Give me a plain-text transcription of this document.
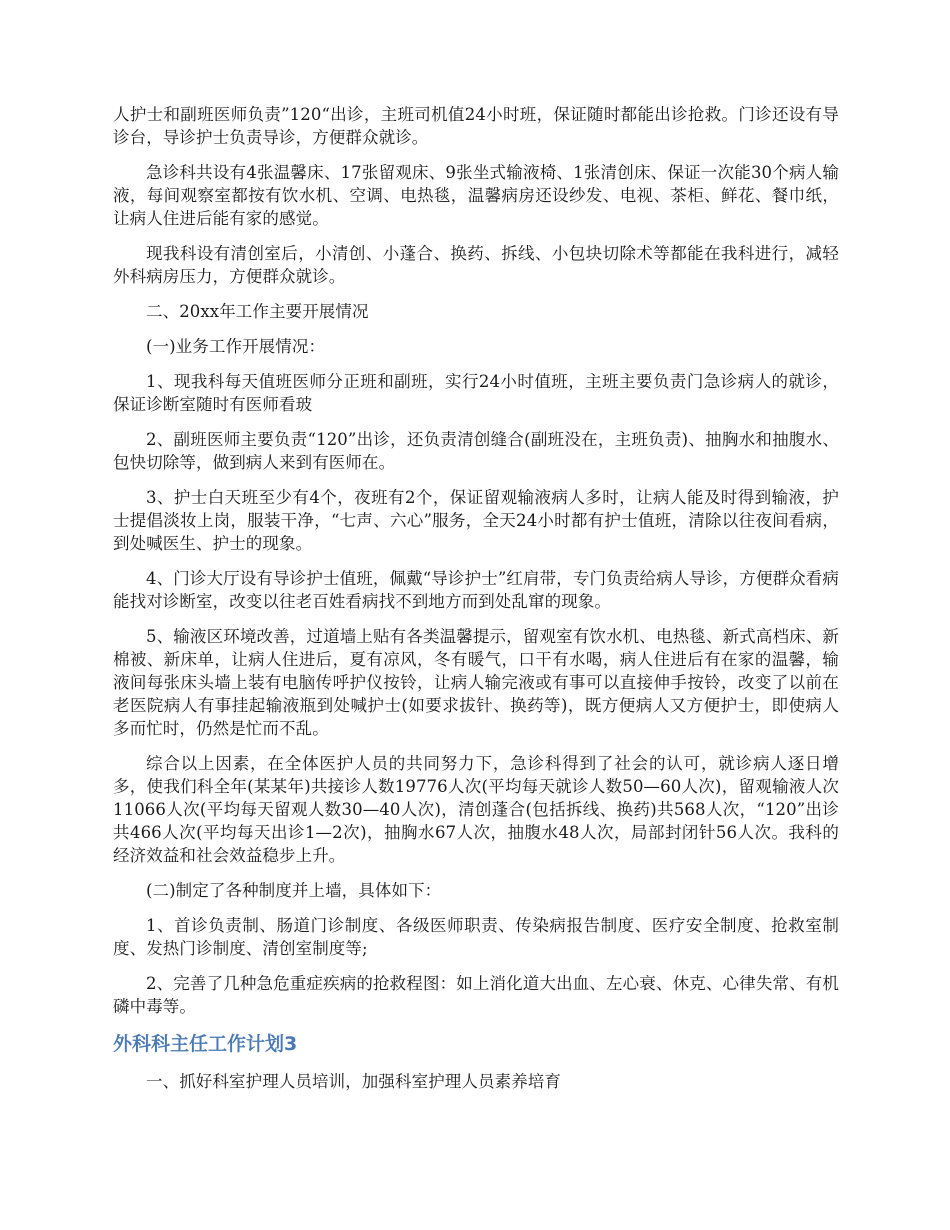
人护士和副班医师负责”120“出诊，主班司机值24小时班，保证随时都能出诊抢救。门诊还设有导诊台，导诊护士负责导诊，方便群众就诊。

急诊科共设有4张温馨床、17张留观床、9张坐式输液椅、1张清创床、保证一次能30个病人输液，每间观察室都按有饮水机、空调、电热毯，温馨病房还设纱发、电视、茶柜、鲜花、餐巾纸，让病人住进后能有家的感觉。

现我科设有清创室后，小清创、小蓬合、换药、拆线、小包块切除术等都能在我科进行，减轻外科病房压力，方便群众就诊。

二、20xx年工作主要开展情况

(一)业务工作开展情况：

1、现我科每天值班医师分正班和副班，实行24小时值班，主班主要负责门急诊病人的就诊，保证诊断室随时有医师看玻

2、副班医师主要负责“120”出诊，还负责清创缝合(副班没在，主班负责)、抽胸水和抽腹水、包快切除等，做到病人来到有医师在。

3、护士白天班至少有4个，夜班有2个，保证留观输液病人多时，让病人能及时得到输液，护士提倡淡妆上岗，服装干净，“七声、六心”服务，全天24小时都有护士值班，清除以往夜间看病，到处喊医生、护士的现象。

4、门诊大厅设有导诊护士值班，佩戴“导诊护士”红肩带，专门负责给病人导诊，方便群众看病能找对诊断室，改变以往老百姓看病找不到地方而到处乱窜的现象。

5、输液区环境改善，过道墙上贴有各类温馨提示，留观室有饮水机、电热毯、新式高档床、新棉被、新床单，让病人住进后，夏有凉风，冬有暖气，口干有水喝，病人住进后有在家的温馨，输液间每张床头墙上装有电脑传呼护仪按铃，让病人输完液或有事可以直接伸手按铃，改变了以前在老医院病人有事挂起输液瓶到处喊护士(如要求拔针、换药等)，既方便病人又方便护士，即使病人多而忙时，仍然是忙而不乱。

综合以上因素，在全体医护人员的共同努力下，急诊科得到了社会的认可，就诊病人逐日增多，使我们科全年(某某年)共接诊人数19776人次(平均每天就诊人数50—60人次)，留观输液人次11066人次(平均每天留观人数30—40人次)，清创蓬合(包括拆线、换药)共568人次，“120”出诊共466人次(平均每天出诊1—2次)，抽胸水67人次，抽腹水48人次，局部封闭针56人次。我科的经济效益和社会效益稳步上升。

(二)制定了各种制度并上墙，具体如下：

1、首诊负责制、肠道门诊制度、各级医师职责、传染病报告制度、医疗安全制度、抢救室制度、发热门诊制度、清创室制度等;

2、完善了几种急危重症疾病的抢救程图：如上消化道大出血、左心衰、休克、心律失常、有机磷中毒等。

外科科主任工作计划3

一、抓好科室护理人员培训，加强科室护理人员素养培育
